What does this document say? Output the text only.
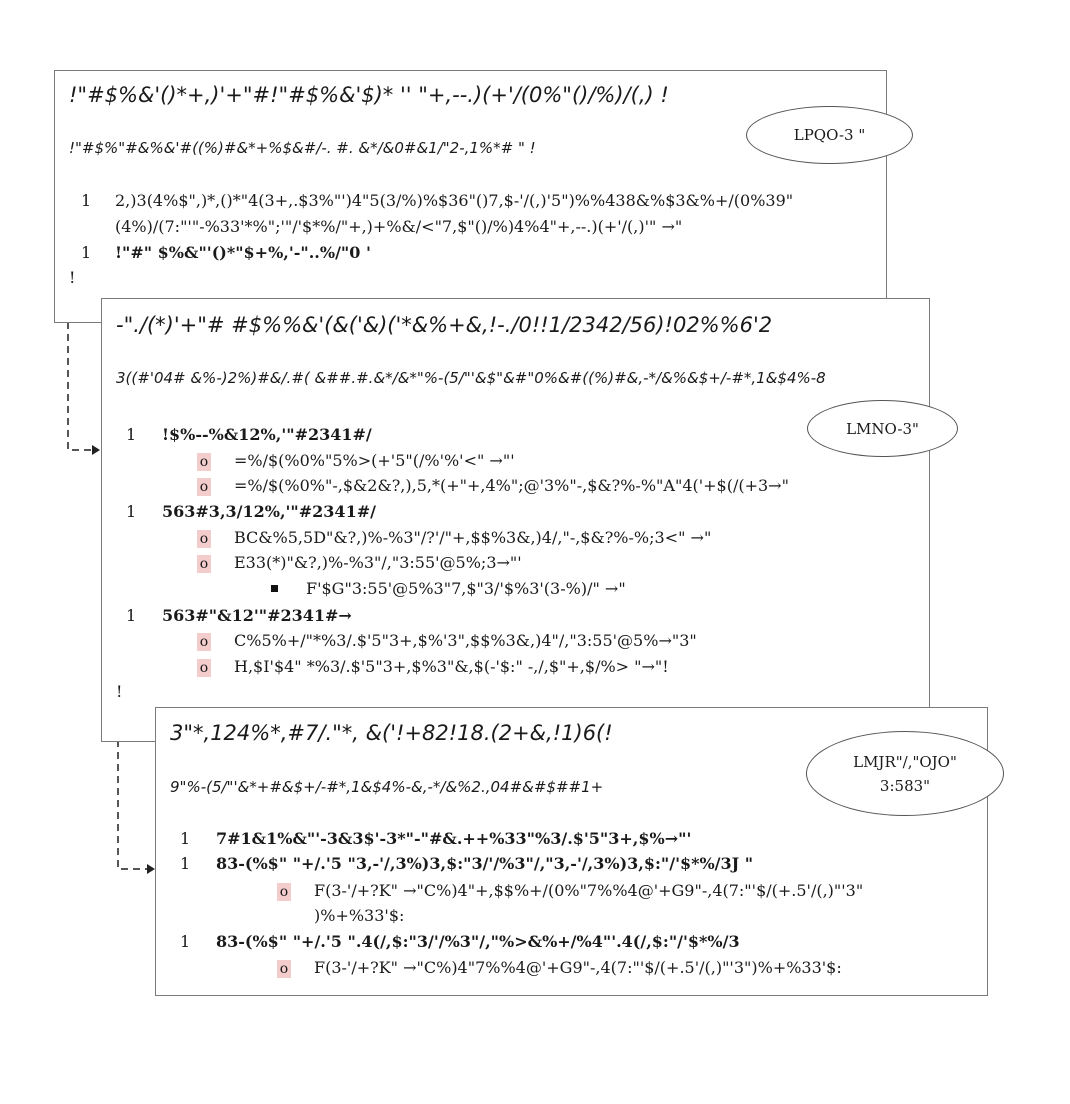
!"#$%&'()*+,)'+"#!"#$%&'$)* '' "+,--.)(+'/(0%"()/%)/(,) !
!"#$%"#&%&'#((%)#&*+%$&#/-. #. &*/&0#&1/"2-,1%*# " !
1 2,)3(4%$",)*,()*"4(3+,.$3%"')4"5(3/%)%$36"()7,$-'/(,)'5")%%438&%$3&%+/(0%39"
(4%)/(7:"'"-%33'*%";'"/'$*%/"+,)+%&/<"7,$"()/%)4%4"+,--.)(+'/(,)'" →"
1 !"#" $%&"'()*"$+%,'-"..%/"0 '
!
LPQO-3 "
-"./(*)'+"# #$%%&'(&('&)('*&%+&,!-./0!!1/2342/56)!02%%6'2
3((#'04# &%-)2%)#&/.#( &##.#.&*/&*"%-(5/"'&$"&#"0%&#((%)#&,-*/&%&$+/-#*,1&$4%-8
1 !$%--%&12%,'"#2341#/
o =%/$(%0%"5%>(+'5"(/%'%'<" →"'
o =%/$(%0%"-,$&2&?,),5,*(+"+,4%";@'3%"-,$&?%-%"A"4('+$(/(+3→"
1 563#3,3/12%,'"#2341#/
o BC&%5,5D"&?,)%-%3"/?'/"+,$$%3&,)4/,"-,$&?%-%;3<" →"
o E33(*)"&?,)%-%3"/,"3:55'@5%;3→"'
F'$G"3:55'@5%3"7,$"3/'$%3'(3-%)/" →"
1 563#"&12'"#2341#→
o C%5%+/"*%3/.$'5"3+,$%'3",$$%3&,)4"/,"3:55'@5%→"3"
o H,$I'$4" *%3/.$'5"3+,$%3"&,$(-'$:" -,/,$"+,$/%> "→"!
!
LMNO-3"
3"*,124%*,#7/."*, &('!+82!18.(2+&,!1)6(!
9"%-(5/"'&*+#&$+/-#*,1&$4%-&,-*/&%2.,04#&#$##1+
1 7#1&1%&"'-3&3$'-3*"-"#&.++%33"%3/.$'5"3+,$%→"'
1 83-(%$" "+/.'5 "3,-'/,3%)3,$:"3/'/%3"/,"3,-'/,3%)3,$:"/'$*%/3J "
o F(3-'/+?K" →"C%)4"+,$$%+/(0%"7%%4@'+G9"-,4(7:"'$/(+.5'/(,)"'3"
)%+%33'$:
1 83-(%$" "+/.'5 ".4(/,$:"3/'/%3"/,"%>&%+/%4"'.4(/,$:"/'$*%/3
o F(3-'/+?K" →"C%)4"7%%4@'+G9"-,4(7:"'$/(+.5'/(,)"'3")%+%33'$:
LMJR"/,"OJO"
3:583"
